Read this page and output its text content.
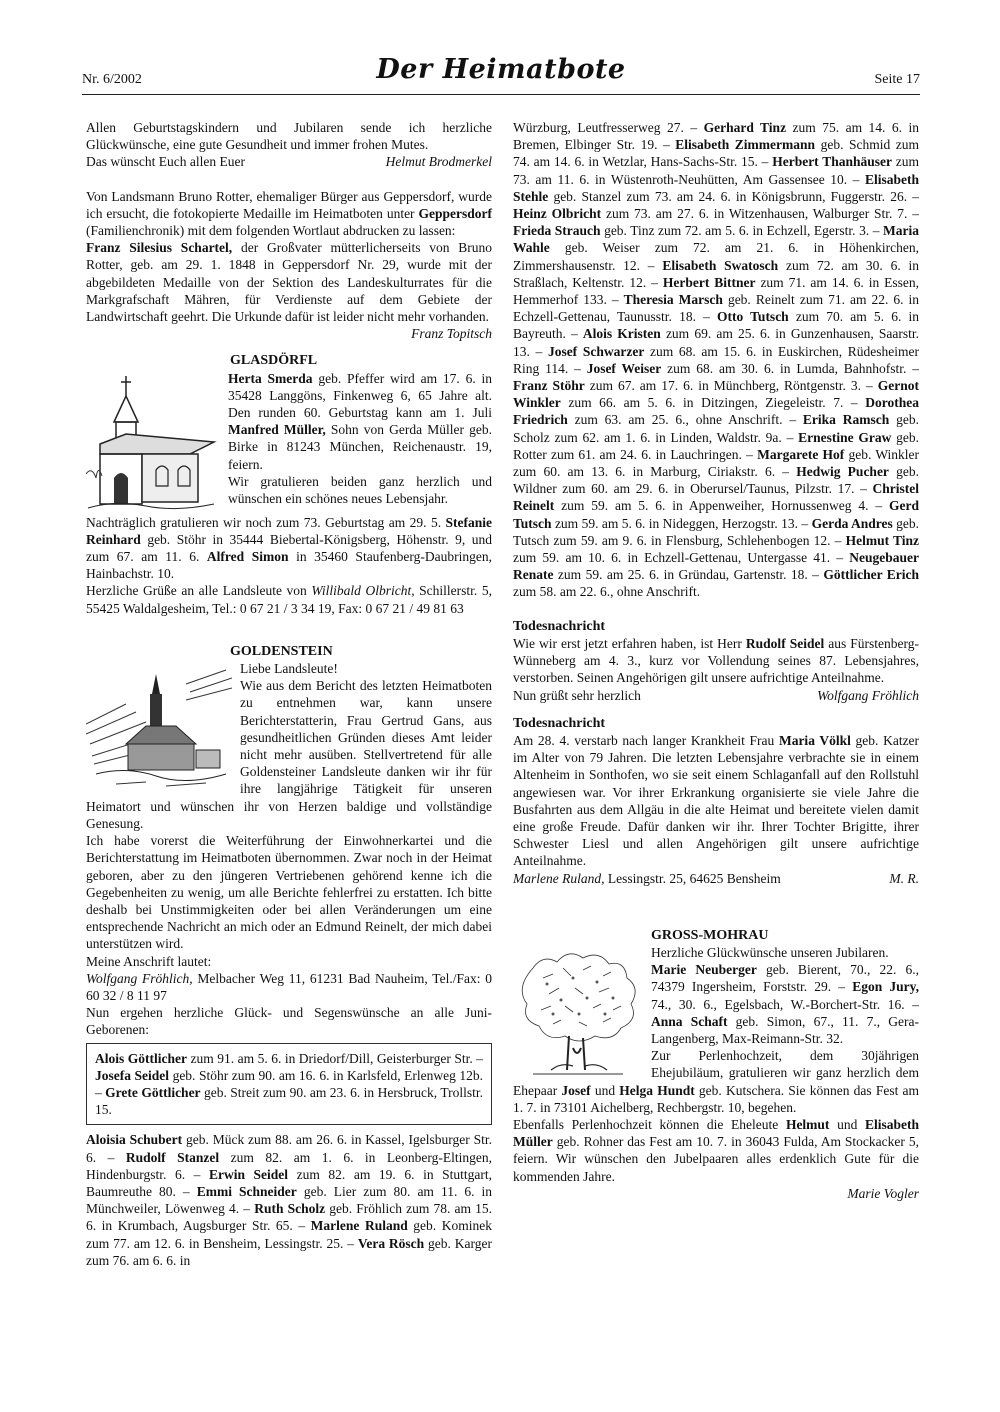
Nr. 6/2002	Der Heimatbote	Seite 17

Allen Geburtstagskindern und Jubilaren sende ich herzliche Glückwünsche, eine gute Gesundheit und immer frohen Mutes.

Das wünscht Euch allen Euer	Helmut Brodmerkel

Von Landsmann Bruno Rotter, ehemaliger Bürger aus Geppersdorf, wurde ich ersucht, die fotokopierte Medaille im Heimatboten unter Geppersdorf (Familienchronik) mit dem folgenden Wortlaut abdrucken zu lassen:

Franz Silesius Schartel, der Großvater mütterlicherseits von Bruno Rotter, geb. am 29. 1. 1848 in Geppersdorf Nr. 29, wurde mit der abgebildeten Medaille von der Sektion des Landeskulturrates für die Markgrafschaft Mähren, für Verdienste auf dem Gebiete der Landwirtschaft geehrt. Die Urkunde dafür ist leider nicht mehr vorhanden.

Franz Topitsch

GLASDÖRFL

Herta Smerda geb. Pfeffer wird am 17. 6. in 35428 Langgöns, Finkenweg 6, 65 Jahre alt. Den runden 60. Geburtstag kann am 1. Juli Manfred Müller, Sohn von Gerda Müller geb. Birke in 81243 München, Reichenaustr. 19, feiern.

Wir gratulieren beiden ganz herzlich und wünschen ein schönes neues Lebensjahr.

Nachträglich gratulieren wir noch zum 73. Geburtstag am 29. 5. Stefanie Reinhard geb. Stöhr in 35444 Biebertal-Königsberg, Höhenstr. 9, und zum 67. am 11. 6. Alfred Simon in 35460 Staufenberg-Daubringen, Hainbachstr. 10.

Herzliche Grüße an alle Landsleute von Willibald Olbricht, Schillerstr. 5, 55425 Waldalgesheim, Tel.: 0 67 21 / 3 34 19, Fax: 0 67 21 / 49 81 63

GOLDENSTEIN

Liebe Landsleute!

Wie aus dem Bericht des letzten Heimatboten zu entnehmen war, kann unsere Berichterstatterin, Frau Gertrud Gans, aus gesundheitlichen Gründen dieses Amt leider nicht mehr ausüben. Stellvertretend für alle Goldensteiner Landsleute danken wir ihr für ihre langjährige Tätigkeit für unseren Heimatort und wünschen ihr von Herzen baldige und vollständige Genesung.

Ich habe vorerst die Weiterführung der Einwohnerkartei und die Berichterstattung im Heimatboten übernommen. Zwar noch in der Heimat geboren, aber zu den jüngeren Vertriebenen gehörend kenne ich die Gegebenheiten zu wenig, um alle Berichte fehlerfrei zu erstatten. Ich bitte deshalb bei Unstimmigkeiten oder bei allen Veränderungen um eine entsprechende Nachricht an mich oder an Edmund Reinelt, der mich dabei unterstützen wird.

Meine Anschrift lautet:

Wolfgang Fröhlich, Melbacher Weg 11, 61231 Bad Nauheim, Tel./Fax: 0 60 32 / 8 11 97

Nun ergehen herzliche Glück- und Segenswünsche an alle Juni-Geborenen:

Alois Göttlicher zum 91. am 5. 6. in Driedorf/Dill, Geisterburger Str. – Josefa Seidel geb. Stöhr zum 90. am 16. 6. in Karlsfeld, Erlenweg 12b. – Grete Göttlicher geb. Streit zum 90. am 23. 6. in Hersbruck, Trollstr. 15.

Aloisia Schubert geb. Mück zum 88. am 26. 6. in Kassel, Igelsburger Str. 6. – Rudolf Stanzel zum 82. am 1. 6. in Leonberg-Eltingen, Hindenburgstr. 6. – Erwin Seidel zum 82. am 19. 6. in Stuttgart, Baumreuthe 80. – Emmi Schneider geb. Lier zum 80. am 11. 6. in Münchweiler, Löwenweg 4. – Ruth Scholz geb. Fröhlich zum 78. am 15. 6. in Krumbach, Augsburger Str. 65. – Marlene Ruland geb. Kominek zum 77. am 12. 6. in Bensheim, Lessingstr. 25. – Vera Rösch geb. Karger zum 76. am 6. 6. in

Würzburg, Leutfresserweg 27. – Gerhard Tinz zum 75. am 14. 6. in Bremen, Elbinger Str. 19. – Elisabeth Zimmermann geb. Schmid zum 74. am 14. 6. in Wetzlar, Hans-Sachs-Str. 15. – Herbert Thanhäuser zum 73. am 11. 6. in Wüstenroth-Neuhütten, Am Gassensee 10. – Elisabeth Stehle geb. Stanzel zum 73. am 24. 6. in Königsbrunn, Fuggerstr. 26. – Heinz Olbricht zum 73. am 27. 6. in Witzenhausen, Walburger Str. 7. – Frieda Strauch geb. Tinz zum 72. am 5. 6. in Echzell, Egerstr. 3. – Maria Wahle geb. Weiser zum 72. am 21. 6. in Höhenkirchen, Zimmershausenstr. 12. – Elisabeth Swatosch zum 72. am 30. 6. in Straßlach, Keltenstr. 12. – Herbert Bittner zum 71. am 14. 6. in Essen, Hemmerhof 133. – Theresia Marsch geb. Reinelt zum 71. am 22. 6. in Echzell-Gettenau, Taunusstr. 18. – Otto Tutsch zum 70. am 5. 6. in Bayreuth. – Alois Kristen zum 69. am 25. 6. in Gunzenhausen, Saarstr. 13. – Josef Schwarzer zum 68. am 15. 6. in Euskirchen, Rüdesheimer Ring 114. – Josef Weiser zum 68. am 30. 6. in Lumda, Bahnhofstr. – Franz Stöhr zum 67. am 17. 6. in Münchberg, Röntgenstr. 3. – Gernot Winkler zum 66. am 5. 6. in Ditzingen, Ziegeleistr. 7. – Dorothea Friedrich zum 63. am 25. 6., ohne Anschrift. – Erika Ramsch geb. Scholz zum 62. am 1. 6. in Linden, Waldstr. 9a. – Ernestine Graw geb. Rotter zum 61. am 24. 6. in Lauchringen. – Margarete Hof geb. Winkler zum 60. am 13. 6. in Marburg, Ciriakstr. 6. – Hedwig Pucher geb. Wildner zum 60. am 29. 6. in Oberursel/Taunus, Pilzstr. 17. – Christel Reinelt zum 59. am 5. 6. in Appenweiher, Hornussenweg 4. – Gerd Tutsch zum 59. am 5. 6. in Nideggen, Herzogstr. 13. – Gerda Andres geb. Tutsch zum 59. am 9. 6. in Flensburg, Schlehenbogen 12. – Helmut Tinz zum 59. am 10. 6. in Echzell-Gettenau, Untergasse 41. – Neugebauer Renate zum 59. am 25. 6. in Gründau, Gartenstr. 18. – Göttlicher Erich zum 58. am 22. 6., ohne Anschrift.

Todesnachricht

Wie wir erst jetzt erfahren haben, ist Herr Rudolf Seidel aus Fürstenberg-Wünneberg am 4. 3., kurz vor Vollendung seines 87. Lebensjahres, verstorben. Seinen Angehörigen gilt unsere aufrichtige Anteilnahme.

Nun grüßt sehr herzlich	Wolfgang Fröhlich

Todesnachricht

Am 28. 4. verstarb nach langer Krankheit Frau Maria Völkl geb. Katzer im Alter von 79 Jahren. Die letzten Lebensjahre verbrachte sie in einem Altenheim in Sonthofen, wo sie seit einem Schlaganfall auf den Rollstuhl angewiesen war. Vor ihrer Erkrankung organisierte sie viele Jahre die Busfahrten aus dem Allgäu in die alte Heimat und bereitete vielen damit eine große Freude. Dafür danken wir ihr. Ihrer Tochter Brigitte, ihrer Schwester Liesl und allen Angehörigen gilt unsere aufrichtige Anteilnahme.

Marlene Ruland, Lessingstr. 25, 64625 Bensheim	M. R.

GROSS-MOHRAU

Herzliche Glückwünsche unseren Jubilaren.

Marie Neuberger geb. Bierent, 70., 22. 6., 74379 Ingersheim, Forststr. 29. – Egon Jury, 74., 30. 6., Egelsbach, W.-Borchert-Str. 16. – Anna Schaft geb. Simon, 67., 11. 7., Gera-Langenberg, Max-Reimann-Str. 32.

Zur Perlenhochzeit, dem 30jährigen Ehejubiläum, gratulieren wir ganz herzlich dem Ehepaar Josef und Helga Hundt geb. Kutschera. Sie können das Fest am 1. 7. in 73101 Aichelberg, Rechbergstr. 10, begehen.

Ebenfalls Perlenhochzeit können die Eheleute Helmut und Elisabeth Müller geb. Rohner das Fest am 10. 7. in 36043 Fulda, Am Stockacker 5, feiern. Wir wünschen den Jubelpaaren alles erdenklich Gute für die kommenden Jahre.

Marie Vogler
